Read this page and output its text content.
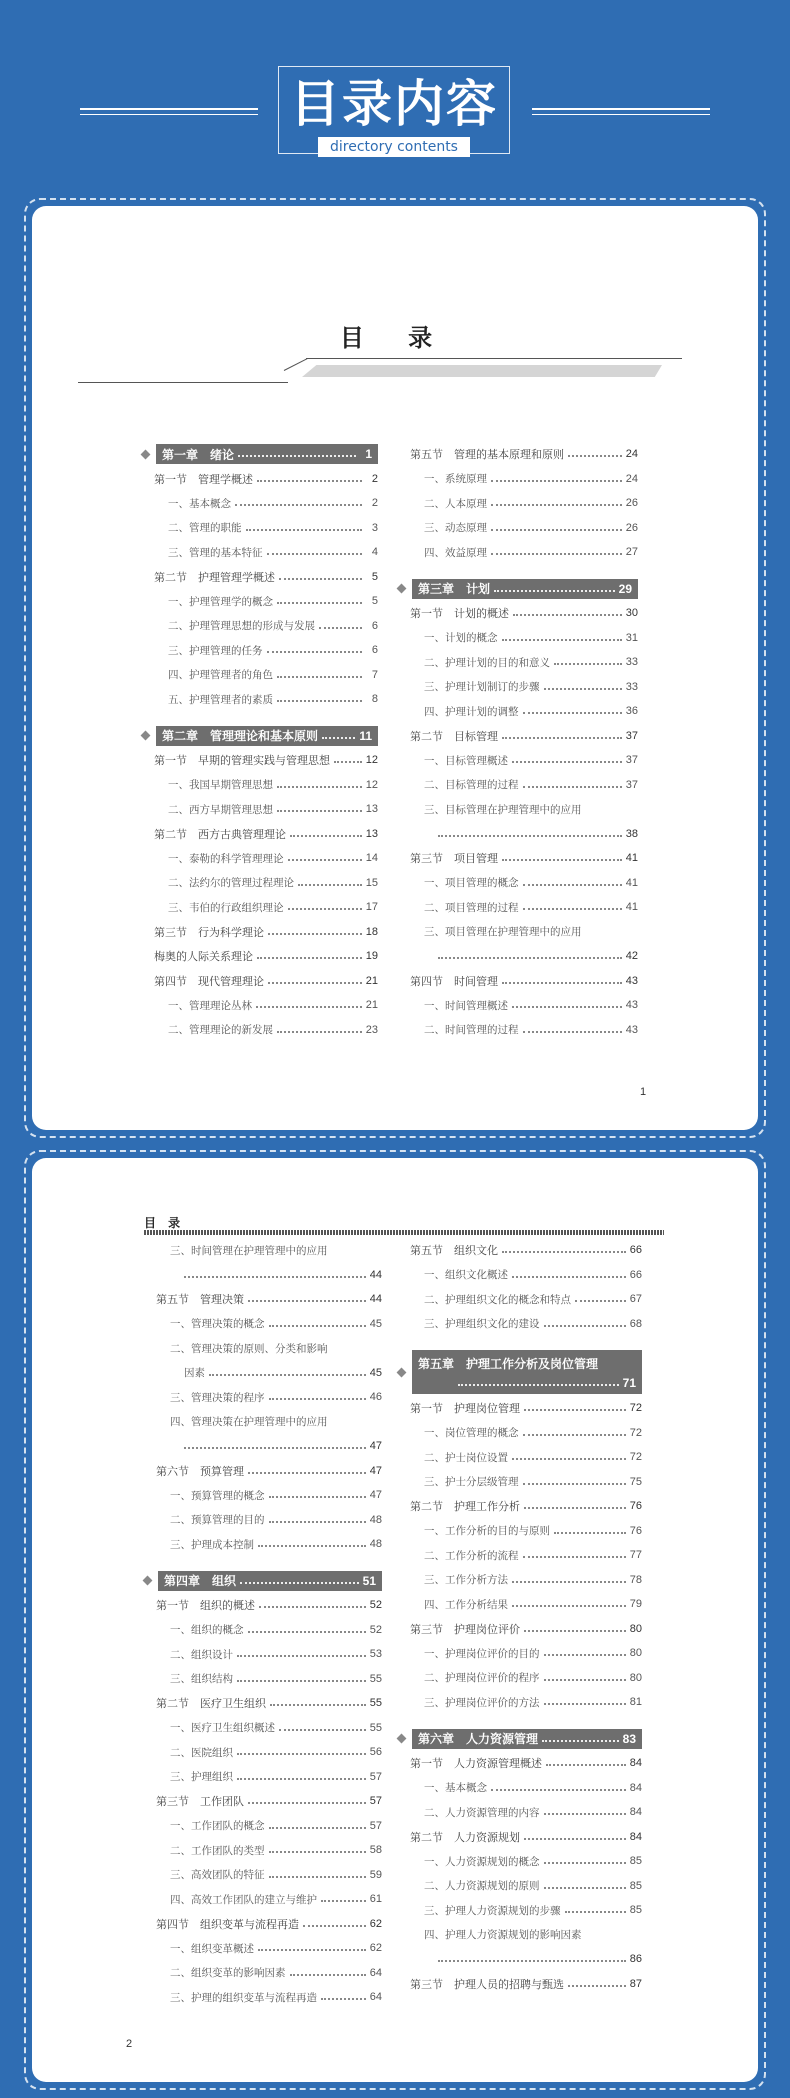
目录内容
directory contents
目 录
第一章　绪论	1
第一节　管理学概述	2
一、基本概念	2
二、管理的职能	3
三、管理的基本特征	4
第二节　护理管理学概述	5
一、护理管理学的概念	5
二、护理管理思想的形成与发展	6
三、护理管理的任务	6
四、护理管理者的角色	7
五、护理管理者的素质	8
第二章　管理理论和基本原则	11
第一节　早期的管理实践与管理思想	12
一、我国早期管理思想	12
二、西方早期管理思想	13
第二节　西方古典管理理论	13
一、泰勒的科学管理理论	14
二、法约尔的管理过程理论	15
三、韦伯的行政组织理论	17
第三节　行为科学理论	18
梅奥的人际关系理论	19
第四节　现代管理理论	21
一、管理理论丛林	21
二、管理理论的新发展	23
第五节　管理的基本原理和原则	24
一、系统原理	24
二、人本原理	26
三、动态原理	26
四、效益原理	27
第三章　计划	29
第一节　计划的概述	30
一、计划的概念	31
二、护理计划的目的和意义	33
三、护理计划制订的步骤	33
四、护理计划的调整	36
第二节　目标管理	37
一、目标管理概述	37
二、目标管理的过程	37
三、目标管理在护理管理中的应用
38
第三节　项目管理	41
一、项目管理的概念	41
二、项目管理的过程	41
三、项目管理在护理管理中的应用
42
第四节　时间管理	43
一、时间管理概述	43
二、时间管理的过程	43
1
目 录
三、时间管理在护理管理中的应用
44
第五节　管理决策	44
一、管理决策的概念	45
二、管理决策的原则、分类和影响
因素	45
三、管理决策的程序	46
四、管理决策在护理管理中的应用
47
第六节　预算管理	47
一、预算管理的概念	47
二、预算管理的目的	48
三、护理成本控制	48
第四章　组织	51
第一节　组织的概述	52
一、组织的概念	52
二、组织设计	53
三、组织结构	55
第二节　医疗卫生组织	55
一、医疗卫生组织概述	55
二、医院组织	56
三、护理组织	57
第三节　工作团队	57
一、工作团队的概念	57
二、工作团队的类型	58
三、高效团队的特征	59
四、高效工作团队的建立与维护	61
第四节　组织变革与流程再造	62
一、组织变革概述	62
二、组织变革的影响因素	64
三、护理的组织变革与流程再造	64
第五节　组织文化	66
一、组织文化概述	66
二、护理组织文化的概念和特点	67
三、护理组织文化的建设	68
第五章　护理工作分析及岗位管理
71
第一节　护理岗位管理	72
一、岗位管理的概念	72
二、护士岗位设置	72
三、护士分层级管理	75
第二节　护理工作分析	76
一、工作分析的目的与原则	76
二、工作分析的流程	77
三、工作分析方法	78
四、工作分析结果	79
第三节　护理岗位评价	80
一、护理岗位评价的目的	80
二、护理岗位评价的程序	80
三、护理岗位评价的方法	81
第六章　人力资源管理	83
第一节　人力资源管理概述	84
一、基本概念	84
二、人力资源管理的内容	84
第二节　人力资源规划	84
一、人力资源规划的概念	85
二、人力资源规划的原则	85
三、护理人力资源规划的步骤	85
四、护理人力资源规划的影响因素
86
第三节　护理人员的招聘与甄选	87
2
